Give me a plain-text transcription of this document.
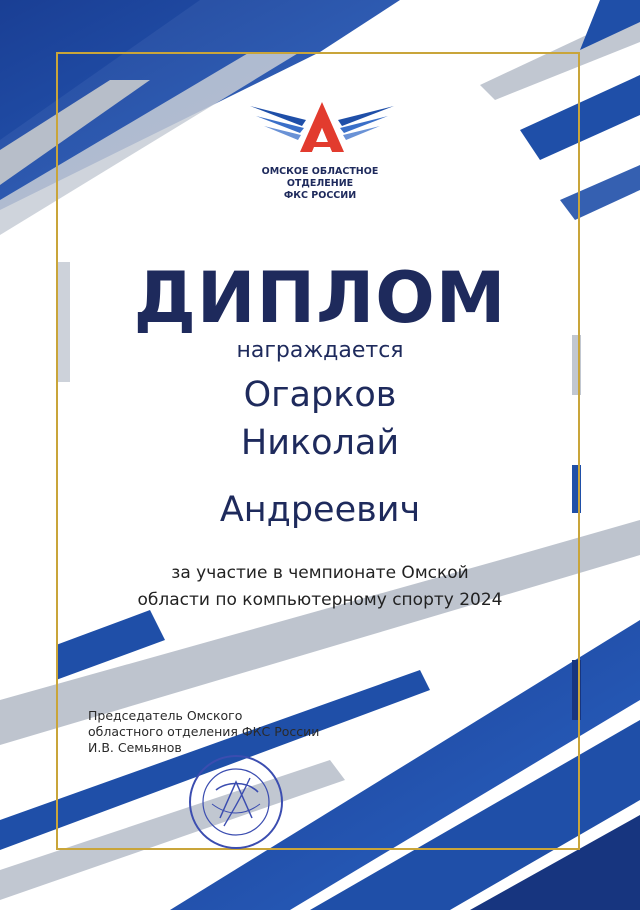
ОМСКОЕ ОБЛАСТНОЕ
ОТДЕЛЕНИЕ
ФКС РОССИИ
ДИПЛОМ
награждается
Огарков
Николай
Андреевич
за участие в чемпионате Омской
области по компьютерному спорту 2024
Председатель Омского
областного отделения ФКС России
И.В. Семьянов
